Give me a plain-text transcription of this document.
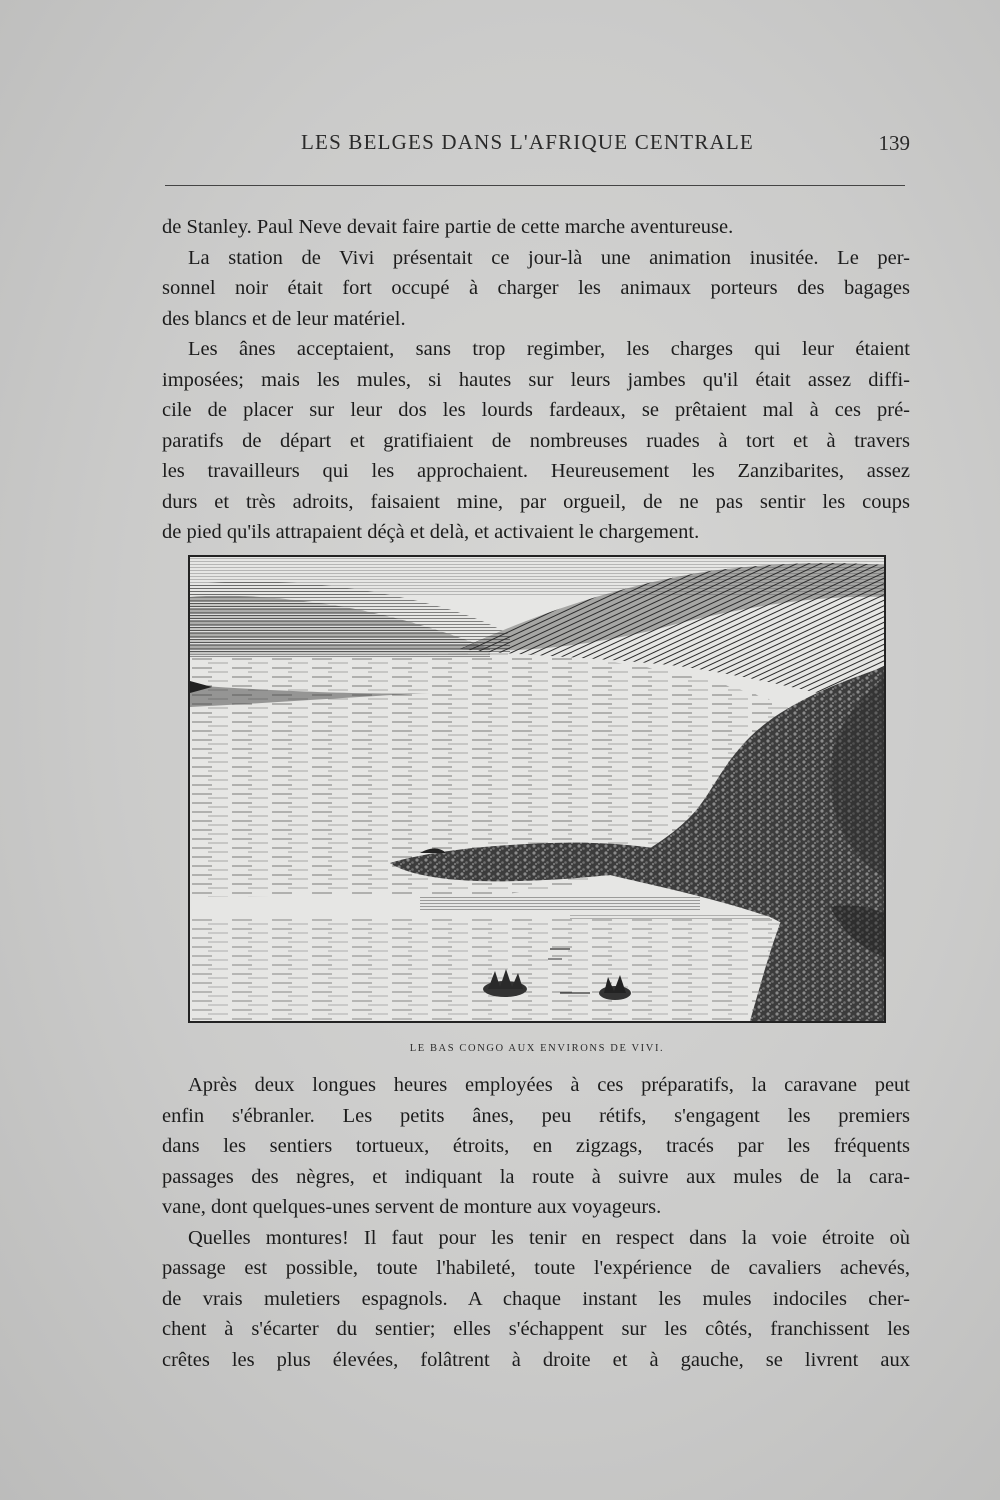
LES BELGES DANS L'AFRIQUE CENTRALE	139

de Stanley. Paul Neve devait faire partie de cette marche aventureuse.

La station de Vivi présentait ce jour-là une animation inusitée. Le per-
sonnel noir était fort occupé à charger les animaux porteurs des bagages
des blancs et de leur matériel.

Les ânes acceptaient, sans trop regimber, les charges qui leur étaient
imposées; mais les mules, si hautes sur leurs jambes qu'il était assez diffi-
cile de placer sur leur dos les lourds fardeaux, se prêtaient mal à ces pré-
paratifs de départ et gratifiaient de nombreuses ruades à tort et à travers
les travailleurs qui les approchaient. Heureusement les Zanzibarites, assez
durs et très adroits, faisaient mine, par orgueil, de ne pas sentir les coups
de pied qu'ils attrapaient déçà et delà, et activaient le chargement.

LE BAS CONGO AUX ENVIRONS DE VIVI.

Après deux longues heures employées à ces préparatifs, la caravane peut
enfin s'ébranler. Les petits ânes, peu rétifs, s'engagent les premiers
dans les sentiers tortueux, étroits, en zigzags, tracés par les fréquents
passages des nègres, et indiquant la route à suivre aux mules de la cara-
vane, dont quelques-unes servent de monture aux voyageurs.

Quelles montures! Il faut pour les tenir en respect dans la voie étroite où
passage est possible, toute l'habileté, toute l'expérience de cavaliers achevés,
de vrais muletiers espagnols. A chaque instant les mules indociles cher-
chent à s'écarter du sentier; elles s'échappent sur les côtés, franchissent les
crêtes les plus élevées, folâtrent à droite et à gauche, se livrent aux
